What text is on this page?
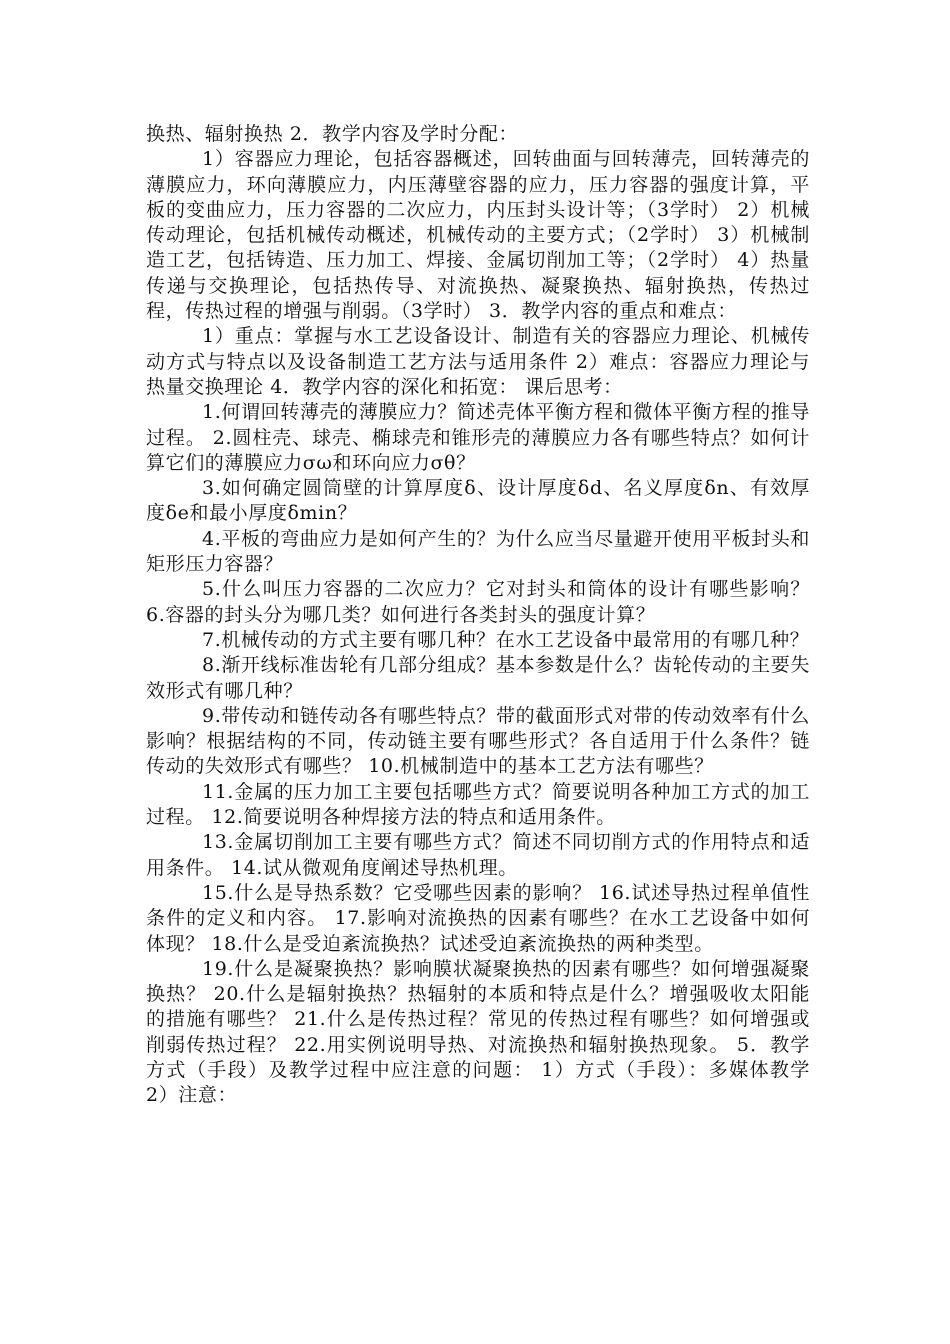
换热、辐射换热 2．教学内容及学时分配：

1）容器应力理论，包括容器概述，回转曲面与回转薄壳，回转薄壳的薄膜应力，环向薄膜应力，内压薄壁容器的应力，压力容器的强度计算，平板的变曲应力，压力容器的二次应力，内压封头设计等；（3学时） 2）机械传动理论，包括机械传动概述，机械传动的主要方式；（2学时） 3）机械制造工艺，包括铸造、压力加工、焊接、金属切削加工等；（2学时） 4）热量传递与交换理论，包括热传导、对流换热、凝聚换热、辐射换热，传热过程，传热过程的增强与削弱。（3学时） 3．教学内容的重点和难点：

1）重点：掌握与水工艺设备设计、制造有关的容器应力理论、机械传动方式与特点以及设备制造工艺方法与适用条件 2）难点：容器应力理论与热量交换理论 4．教学内容的深化和拓宽： 课后思考：

1.何谓回转薄壳的薄膜应力？简述壳体平衡方程和微体平衡方程的推导过程。 2.圆柱壳、球壳、椭球壳和锥形壳的薄膜应力各有哪些特点？如何计算它们的薄膜应力σω和环向应力σθ？

3.如何确定圆筒壁的计算厚度δ、设计厚度δd、名义厚度δn、有效厚度δe和最小厚度δmin？

4.平板的弯曲应力是如何产生的？为什么应当尽量避开使用平板封头和矩形压力容器？

5.什么叫压力容器的二次应力？它对封头和筒体的设计有哪些影响？ 6.容器的封头分为哪几类？如何进行各类封头的强度计算？

7.机械传动的方式主要有哪几种？在水工艺设备中最常用的有哪几种？

8.渐开线标准齿轮有几部分组成？基本参数是什么？齿轮传动的主要失效形式有哪几种？

9.带传动和链传动各有哪些特点？带的截面形式对带的传动效率有什么影响？根据结构的不同，传动链主要有哪些形式？各自适用于什么条件？链传动的失效形式有哪些？ 10.机械制造中的基本工艺方法有哪些？

11.金属的压力加工主要包括哪些方式？简要说明各种加工方式的加工过程。 12.简要说明各种焊接方法的特点和适用条件。

13.金属切削加工主要有哪些方式？简述不同切削方式的作用特点和适用条件。 14.试从微观角度阐述导热机理。

15.什么是导热系数？它受哪些因素的影响？ 16.试述导热过程单值性条件的定义和内容。 17.影响对流换热的因素有哪些？在水工艺设备中如何体现？ 18.什么是受迫紊流换热？试述受迫紊流换热的两种类型。

19.什么是凝聚换热？影响膜状凝聚换热的因素有哪些？如何增强凝聚换热？ 20.什么是辐射换热？热辐射的本质和特点是什么？增强吸收太阳能的措施有哪些？ 21.什么是传热过程？常见的传热过程有哪些？如何增强或削弱传热过程？ 22.用实例说明导热、对流换热和辐射换热现象。 5．教学方式（手段）及教学过程中应注意的问题： 1）方式（手段）：多媒体教学 2）注意：
